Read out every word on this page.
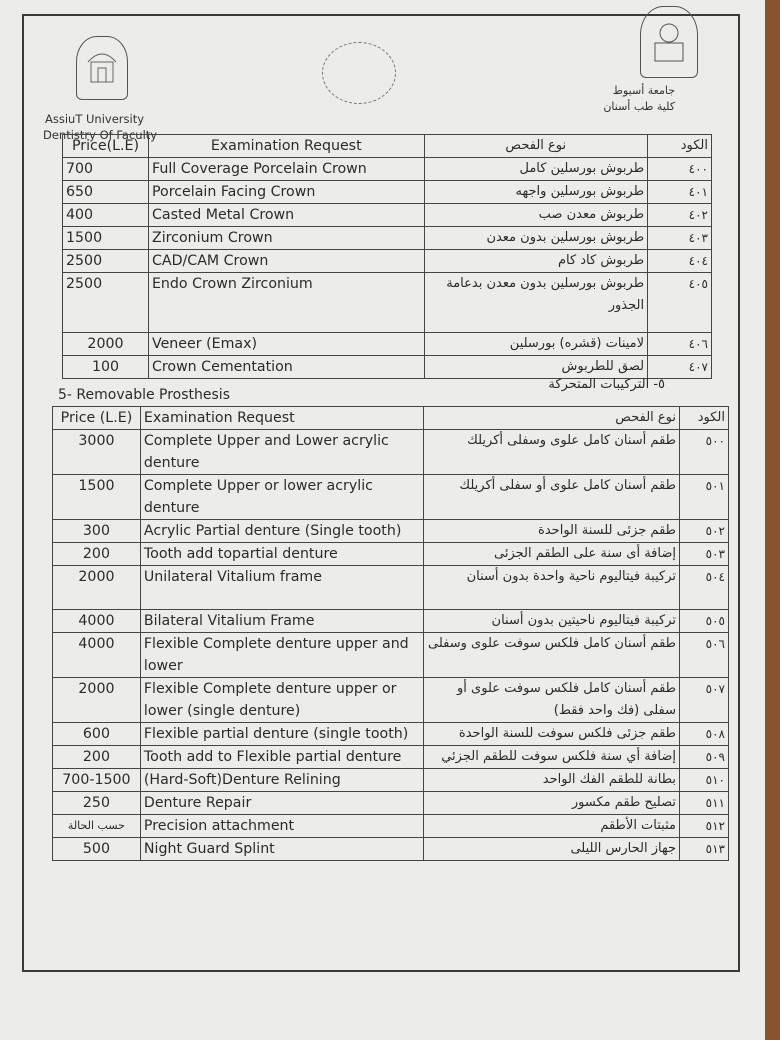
AssiuT University
Dentistry Of Faculty
جامعة أسيوط
كلية طب أسنان
Price(L.E)	Examination Request	نوع الفحص	الكود
700	Full Coverage Porcelain Crown	طربوش بورسلين كامل	٤٠٠
650	Porcelain Facing Crown	طربوش بورسلين واجهه	٤٠١
400	Casted Metal Crown	طربوش معدن صب	٤٠٢
1500	Zirconium Crown	طربوش بورسلين بدون معدن	٤٠٣
2500	CAD/CAM Crown	طربوش كاد كام	٤٠٤
2500	Endo Crown Zirconium	طربوش بورسلين بدون معدن بدعامة الجذور	٤٠٥
2000	Veneer (Emax)	لامينات (قشره) بورسلين	٤٠٦
100	Crown Cementation	لصق للطربوش	٤٠٧
5- Removable Prosthesis
٥- التركيبات المتحركة
Price (L.E)	Examination Request	نوع الفحص	الكود
3000	Complete Upper and Lower acrylic denture	طقم أسنان كامل علوى وسفلى أكريلك	٥٠٠
1500	Complete Upper or lower acrylic denture	طقم أسنان كامل علوى أو سفلى أكريلك	٥٠١
300	Acrylic Partial denture (Single tooth)	طقم جزئى للسنة الواحدة	٥٠٢
200	Tooth add topartial denture	إضافة أى سنة على الطقم الجزئى	٥٠٣
2000	Unilateral Vitalium frame	تركيبة فيتاليوم ناحية واحدة بدون أسنان	٥٠٤
4000	Bilateral Vitalium Frame	تركيبة فيتاليوم ناحيتين بدون أسنان	٥٠٥
4000	Flexible Complete denture upper and lower	طقم أسنان كامل فلكس سوفت علوى وسفلى	٥٠٦
2000	Flexible Complete denture upper or lower (single denture)	طقم أسنان كامل فلكس سوفت علوى أو سفلى (فك واحد فقط)	٥٠٧
600	Flexible partial denture (single tooth)	طقم جزئى فلكس سوفت للسنة الواحدة	٥٠٨
200	Tooth add to Flexible partial denture	إضافة أي سنة فلكس سوفت للطقم الجزئي	٥٠٩
700-1500	(Hard-Soft)Denture Relining	بطانة للطقم الفك الواحد	٥١٠
250	Denture Repair	تصليح طقم مكسور	٥١١
حسب الحالة	Precision attachment	مثبتات الأطقم	٥١٢
500	Night Guard Splint	جهاز الحارس الليلى	٥١٣
